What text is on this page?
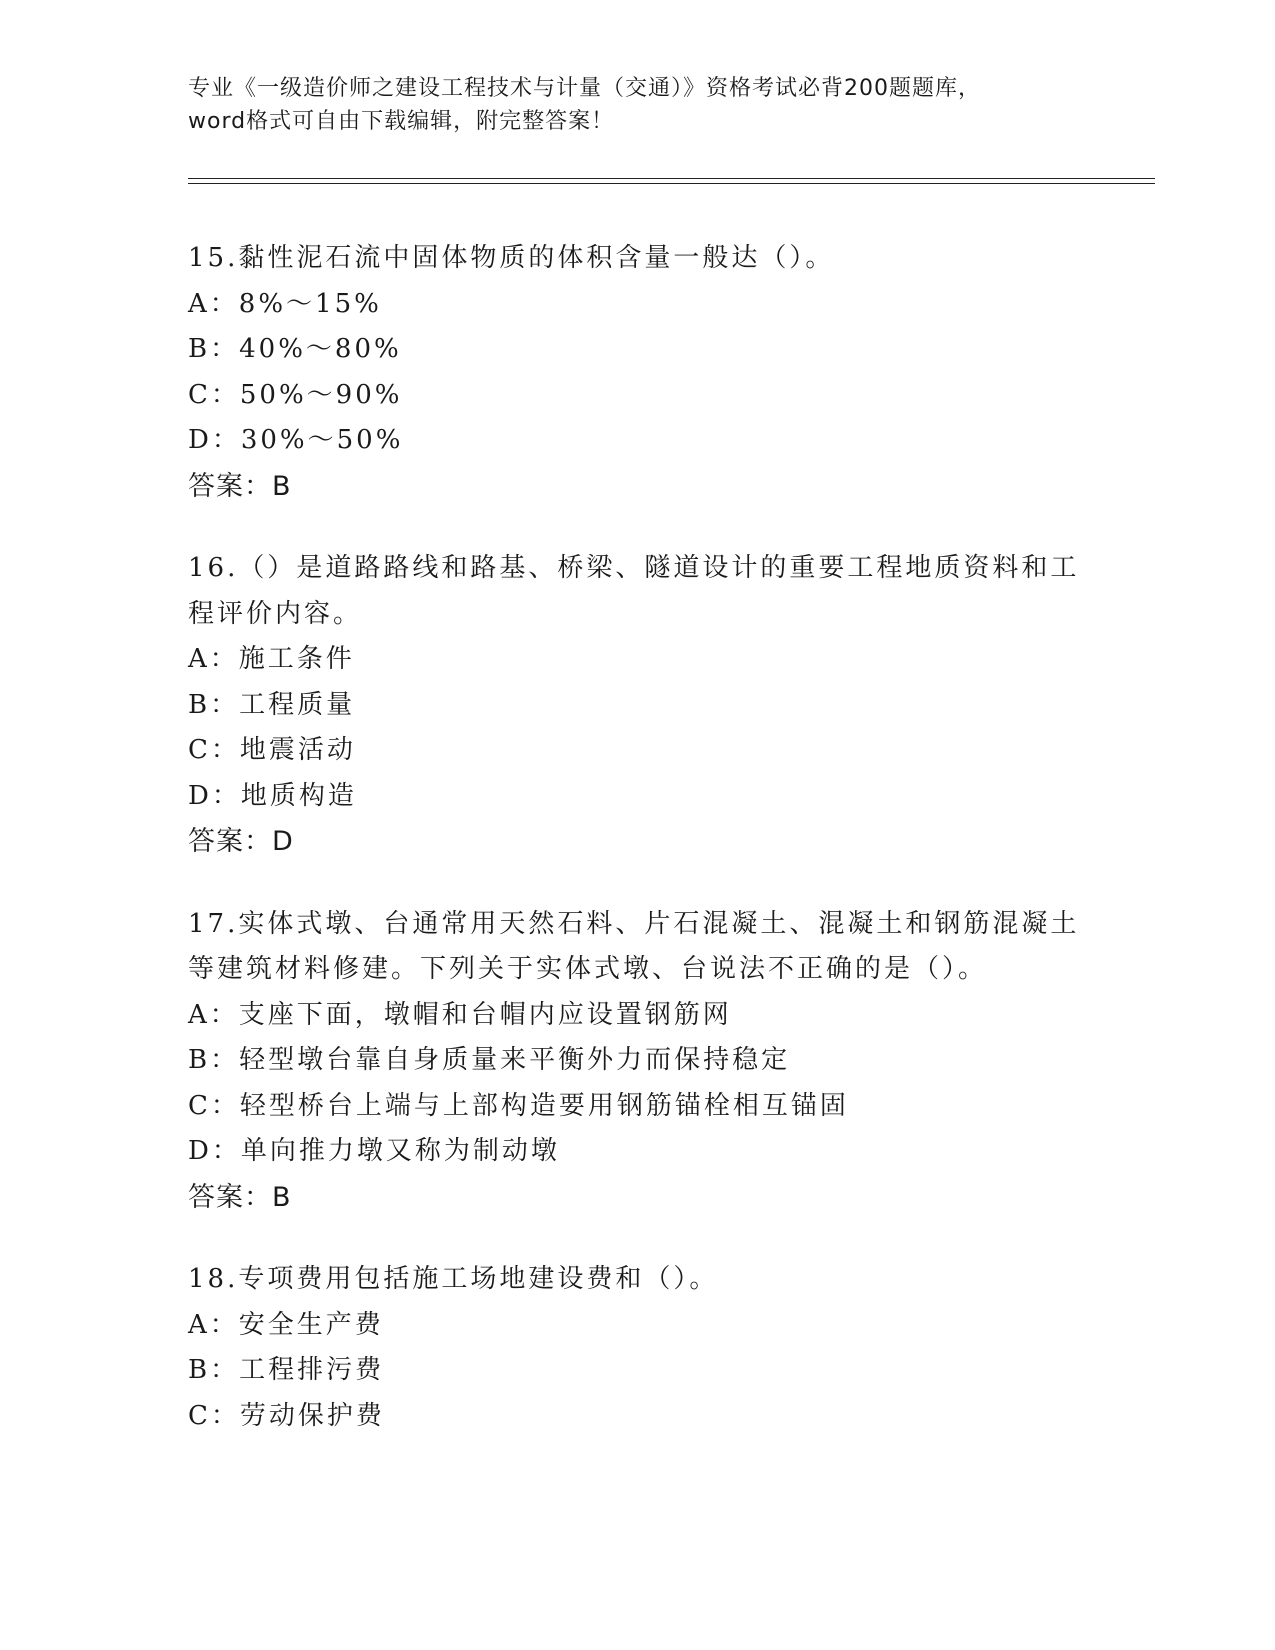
专业《一级造价师之建设工程技术与计量（交通）》资格考试必背200题题库，

word格式可自由下载编辑，附完整答案！

15.黏性泥石流中固体物质的体积含量一般达（）。

A：8%～15%

B：40%～80%

C：50%～90%

D：30%～50%

答案：B

16.（）是道路路线和路基、桥梁、隧道设计的重要工程地质资料和工

程评价内容。

A：施工条件

B：工程质量

C：地震活动

D：地质构造

答案：D

17.实体式墩、台通常用天然石料、片石混凝土、混凝土和钢筋混凝土

等建筑材料修建。下列关于实体式墩、台说法不正确的是（）。

A：支座下面，墩帽和台帽内应设置钢筋网

B：轻型墩台靠自身质量来平衡外力而保持稳定

C：轻型桥台上端与上部构造要用钢筋锚栓相互锚固

D：单向推力墩又称为制动墩

答案：B

18.专项费用包括施工场地建设费和（）。

A：安全生产费

B：工程排污费

C：劳动保护费
